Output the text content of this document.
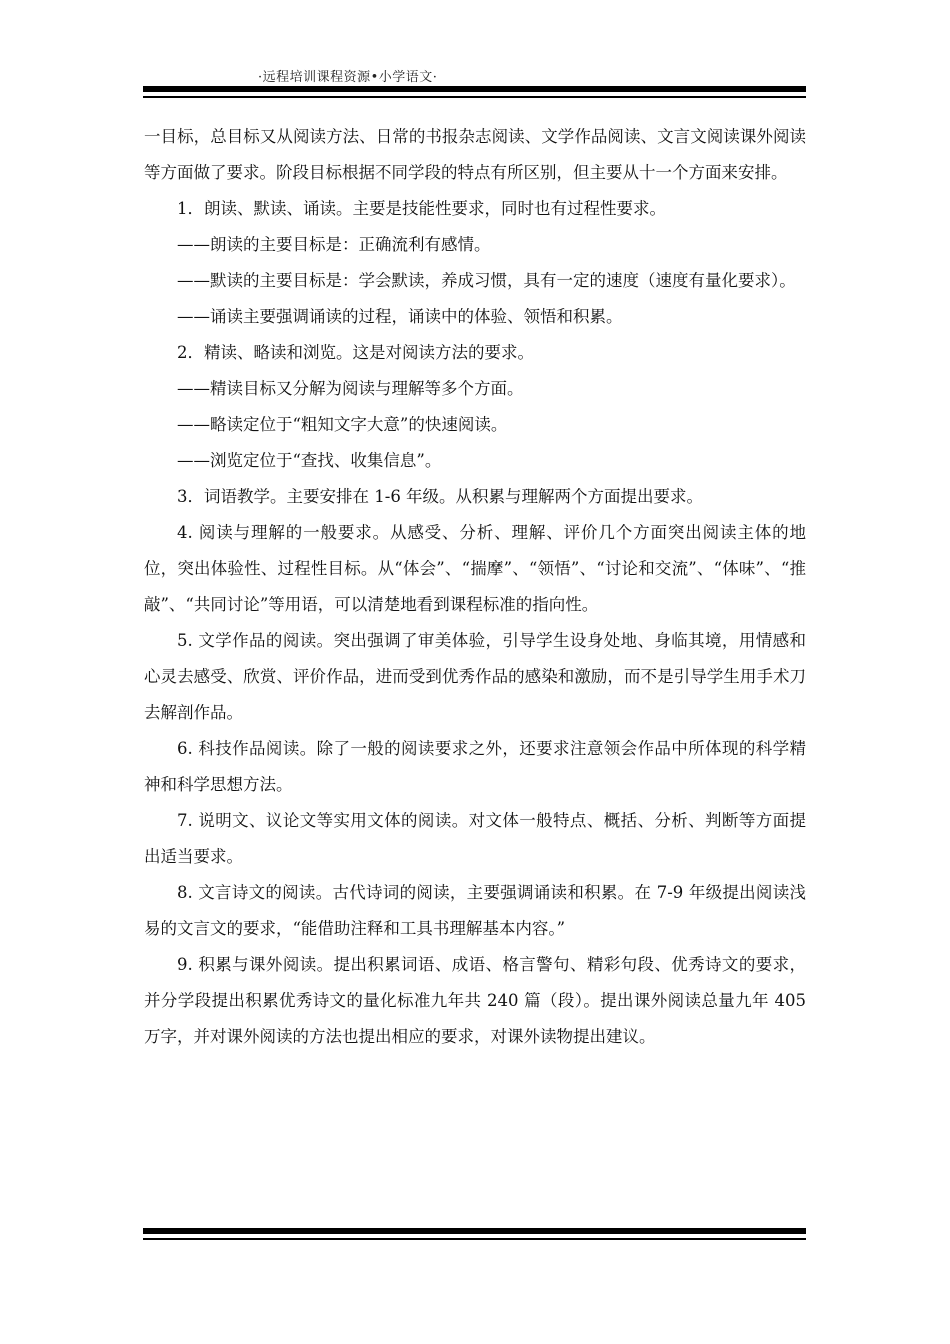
·远程培训课程资源•小学语文·

一目标，总目标又从阅读方法、日常的书报杂志阅读、文学作品阅读、文言文阅读课外阅读等方面做了要求。阶段目标根据不同学段的特点有所区别，但主要从十一个方面来安排。

1．朗读、默读、诵读。主要是技能性要求，同时也有过程性要求。

——朗读的主要目标是：正确流利有感情。

——默读的主要目标是：学会默读，养成习惯，具有一定的速度（速度有量化要求）。

——诵读主要强调诵读的过程，诵读中的体验、领悟和积累。

2．精读、略读和浏览。这是对阅读方法的要求。

——精读目标又分解为阅读与理解等多个方面。

——略读定位于“粗知文字大意”的快速阅读。

——浏览定位于“查找、收集信息”。

3．词语教学。主要安排在 1-6 年级。从积累与理解两个方面提出要求。

4. 阅读与理解的一般要求。从感受、分析、理解、评价几个方面突出阅读主体的地位，突出体验性、过程性目标。从“体会”、“揣摩”、“领悟”、“讨论和交流”、“体味”、“推敲”、“共同讨论”等用语，可以清楚地看到课程标准的指向性。

5. 文学作品的阅读。突出强调了审美体验，引导学生设身处地、身临其境，用情感和心灵去感受、欣赏、评价作品，进而受到优秀作品的感染和激励，而不是引导学生用手术刀去解剖作品。

6. 科技作品阅读。除了一般的阅读要求之外，还要求注意领会作品中所体现的科学精神和科学思想方法。

7. 说明文、议论文等实用文体的阅读。对文体一般特点、概括、分析、判断等方面提出适当要求。

8. 文言诗文的阅读。古代诗词的阅读，主要强调诵读和积累。在 7-9 年级提出阅读浅易的文言文的要求，“能借助注释和工具书理解基本内容。”

9. 积累与课外阅读。提出积累词语、成语、格言警句、精彩句段、优秀诗文的要求，并分学段提出积累优秀诗文的量化标准九年共 240 篇（段）。提出课外阅读总量九年 405 万字，并对课外阅读的方法也提出相应的要求，对课外读物提出建议。
